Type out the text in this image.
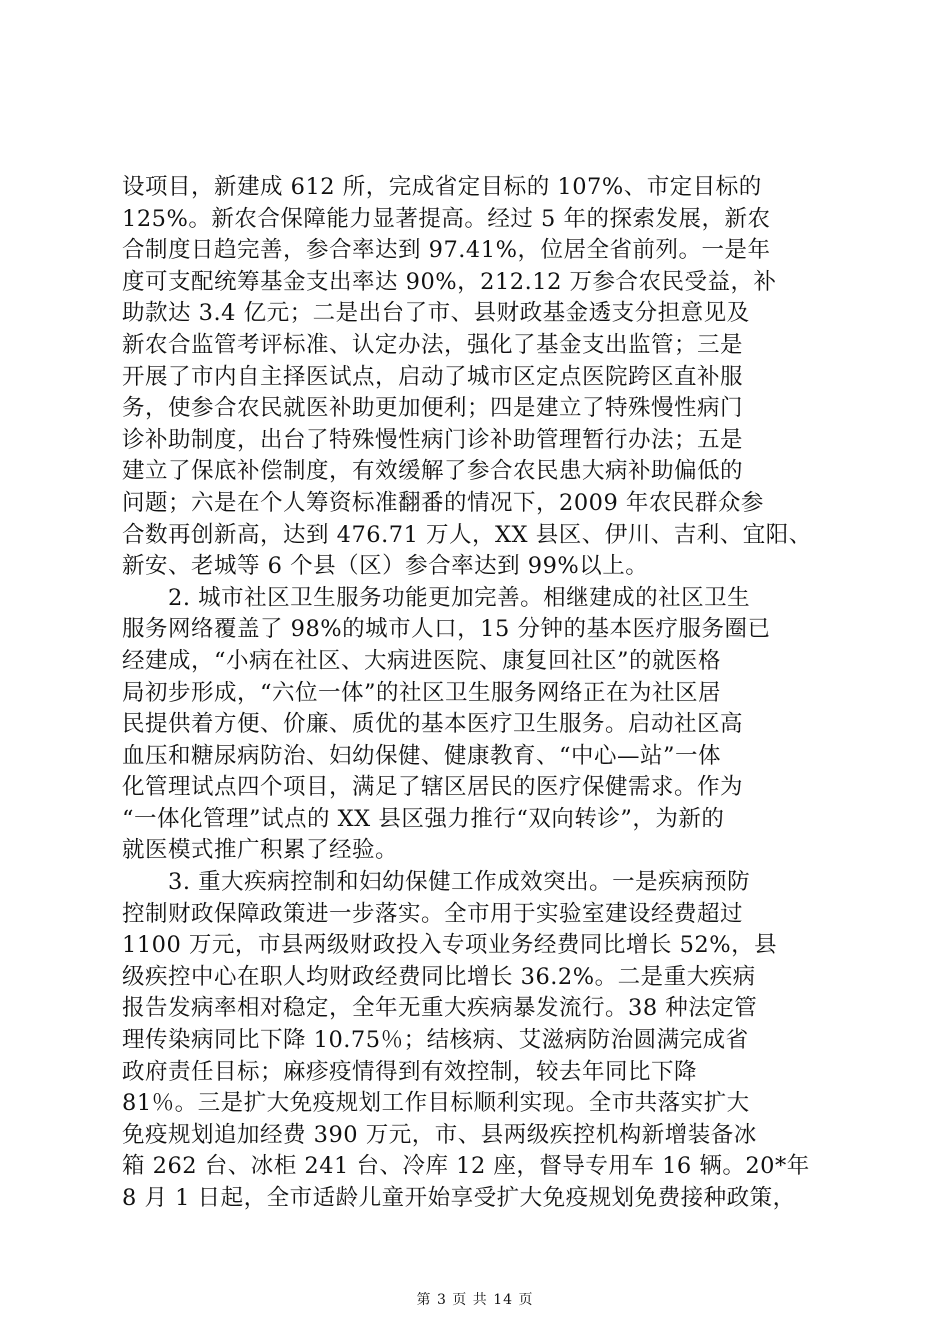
设项目，新建成 612 所，完成省定目标的 107%、市定目标的
125%。新农合保障能力显著提高。经过 5 年的探索发展，新农
合制度日趋完善，参合率达到 97.41%，位居全省前列。一是年
度可支配统筹基金支出率达 90%，212.12 万参合农民受益，补
助款达 3.4 亿元；二是出台了市、县财政基金透支分担意见及
新农合监管考评标准、认定办法，强化了基金支出监管；三是
开展了市内自主择医试点，启动了城市区定点医院跨区直补服
务，使参合农民就医补助更加便利；四是建立了特殊慢性病门
诊补助制度，出台了特殊慢性病门诊补助管理暂行办法；五是
建立了保底补偿制度，有效缓解了参合农民患大病补助偏低的
问题；六是在个人筹资标准翻番的情况下，2009 年农民群众参
合数再创新高，达到 476.71 万人，XX 县区、伊川、吉利、宜阳、
新安、老城等 6 个县（区）参合率达到 99%以上。
　　2. 城市社区卫生服务功能更加完善。相继建成的社区卫生
服务网络覆盖了 98%的城市人口，15 分钟的基本医疗服务圈已
经建成，“小病在社区、大病进医院、康复回社区”的就医格
局初步形成，“六位一体”的社区卫生服务网络正在为社区居
民提供着方便、价廉、质优的基本医疗卫生服务。启动社区高
血压和糖尿病防治、妇幼保健、健康教育、“中心—站”一体
化管理试点四个项目，满足了辖区居民的医疗保健需求。作为
“一体化管理”试点的 XX 县区强力推行“双向转诊”，为新的
就医模式推广积累了经验。
　　3. 重大疾病控制和妇幼保健工作成效突出。一是疾病预防
控制财政保障政策进一步落实。全市用于实验室建设经费超过
1100 万元，市县两级财政投入专项业务经费同比增长 52%，县
级疾控中心在职人均财政经费同比增长 36.2%。二是重大疾病
报告发病率相对稳定，全年无重大疾病暴发流行。38 种法定管
理传染病同比下降 10.75％；结核病、艾滋病防治圆满完成省
政府责任目标；麻疹疫情得到有效控制，较去年同比下降
81％。三是扩大免疫规划工作目标顺利实现。全市共落实扩大
免疫规划追加经费 390 万元，市、县两级疾控机构新增装备冰
箱 262 台、冰柜 241 台、冷库 12 座，督导专用车 16 辆。20*年
8 月 1 日起，全市适龄儿童开始享受扩大免疫规划免费接种政策，
第 3 页 共 14 页
